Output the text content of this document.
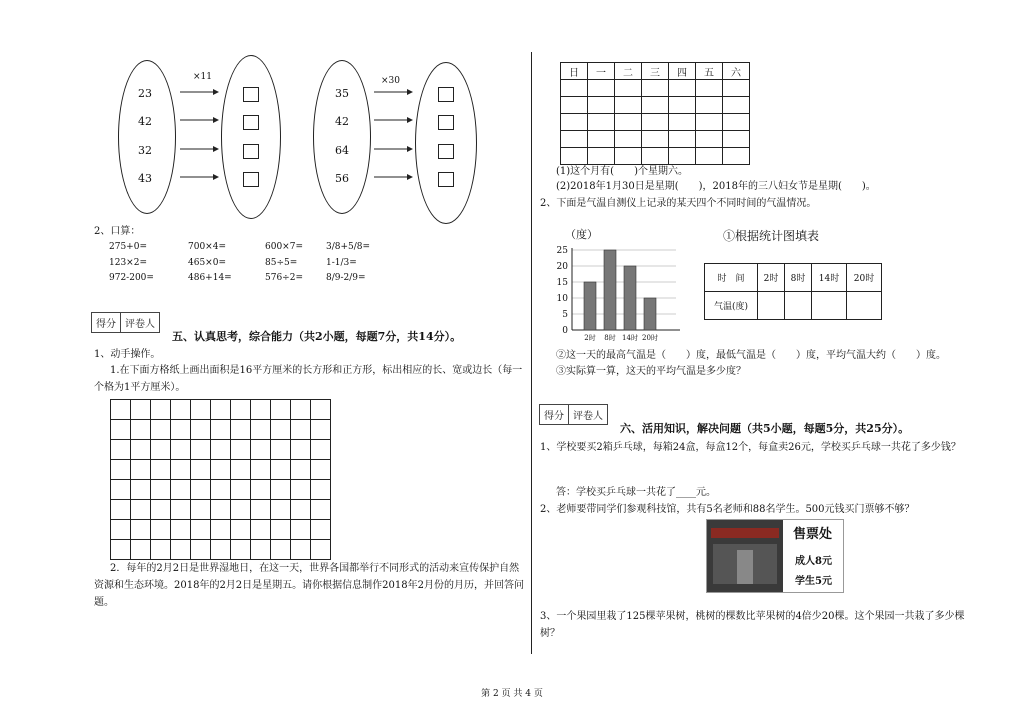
23
42
32
43
×11
35
42
64
56
×30
2、口算：
275+0=	700×4=	600×7=	3/8+5/8=
123×2=	465×0=	85÷5=	1-1/3=
972-200=	486+14=	576÷2=	8/9-2/9=
得分 评卷人
五、认真思考，综合能力（共2小题，每题7分，共14分）。
1、动手操作。
1.在下面方格纸上画出面积是16平方厘米的长方形和正方形，标出相应的长、宽或边长（每一个格为1平方厘米）。

2．每年的2月2日是世界湿地日，在这一天，世界各国都举行不同形式的活动来宣传保护自然资源和生态环境。2018年的2月2日是星期五。请你根据信息制作2018年2月份的月历，并回答问题。
日	一	二	三	四	五	六

(1)这个月有(　　)个星期六。
(2)2018年1月30日是星期(　　)，2018年的三八妇女节是星期(　　)。
2、下面是气温自测仪上记录的某天四个不同时间的气温情况。
（度）
0
5
10
15
20
25
2时 8时 14时 20时
①根据统计图填表
时　间	2时	8时	14时	20时
气温(度)				
②这一天的最高气温是（　　）度，最低气温是（　　）度，平均气温大约（　　）度。
③实际算一算，这天的平均气温是多少度？
得分 评卷人
六、活用知识，解决问题（共5小题，每题5分，共25分）。
1、学校要买2箱乒乓球，每箱24盒，每盒12个，每盒卖26元，学校买乒乓球一共花了多少钱？
答：学校买乒乓球一共花了____元。
2、老师要带同学们参观科技馆，共有5名老师和88名学生。500元钱买门票够不够？
售票处
成人8元
学生5元
3、一个果园里栽了125棵苹果树，桃树的棵数比苹果树的4倍少20棵。这个果园一共栽了多少棵树？
第 2 页 共 4 页
